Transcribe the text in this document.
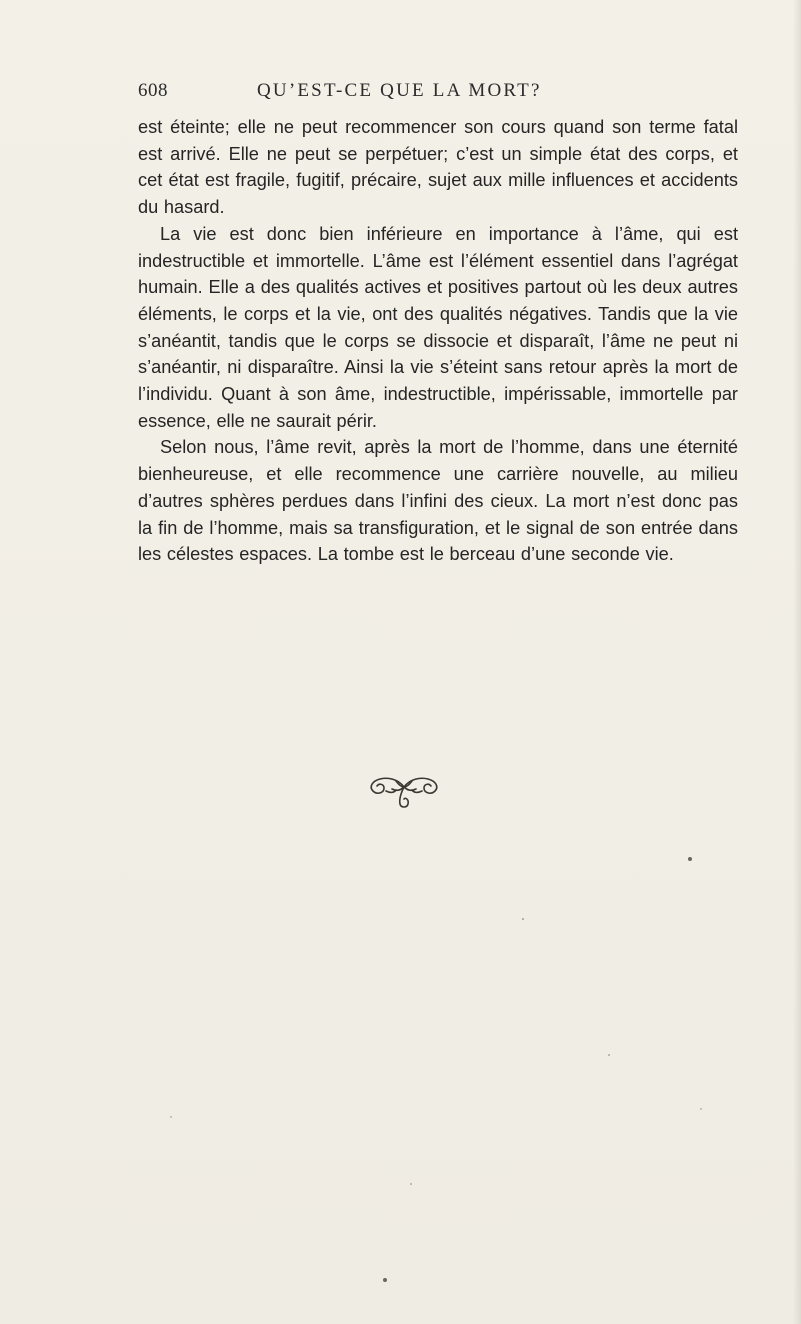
608	QU’EST-CE QUE LA MORT?

est éteinte; elle ne peut recommencer son cours quand son terme fatal est arrivé. Elle ne peut se perpétuer; c’est un simple état des corps, et cet état est fragile, fugitif, précaire, sujet aux mille influences et accidents du hasard.

La vie est donc bien inférieure en importance à l’âme, qui est indestructible et immortelle. L’âme est l’élément essentiel dans l’agrégat humain. Elle a des qualités actives et positives partout où les deux autres éléments, le corps et la vie, ont des qualités négatives. Tandis que la vie s’anéantit, tandis que le corps se dissocie et disparaît, l’âme ne peut ni s’anéantir, ni disparaître. Ainsi la vie s’éteint sans retour après la mort de l’individu. Quant à son âme, indestructible, impérissable, immortelle par essence, elle ne saurait périr.

Selon nous, l’âme revit, après la mort de l’homme, dans une éternité bienheureuse, et elle recommence une carrière nouvelle, au milieu d’autres sphères perdues dans l’infini des cieux. La mort n’est donc pas la fin de l’homme, mais sa transfiguration, et le signal de son entrée dans les célestes espaces. La tombe est le berceau d’une seconde vie.
